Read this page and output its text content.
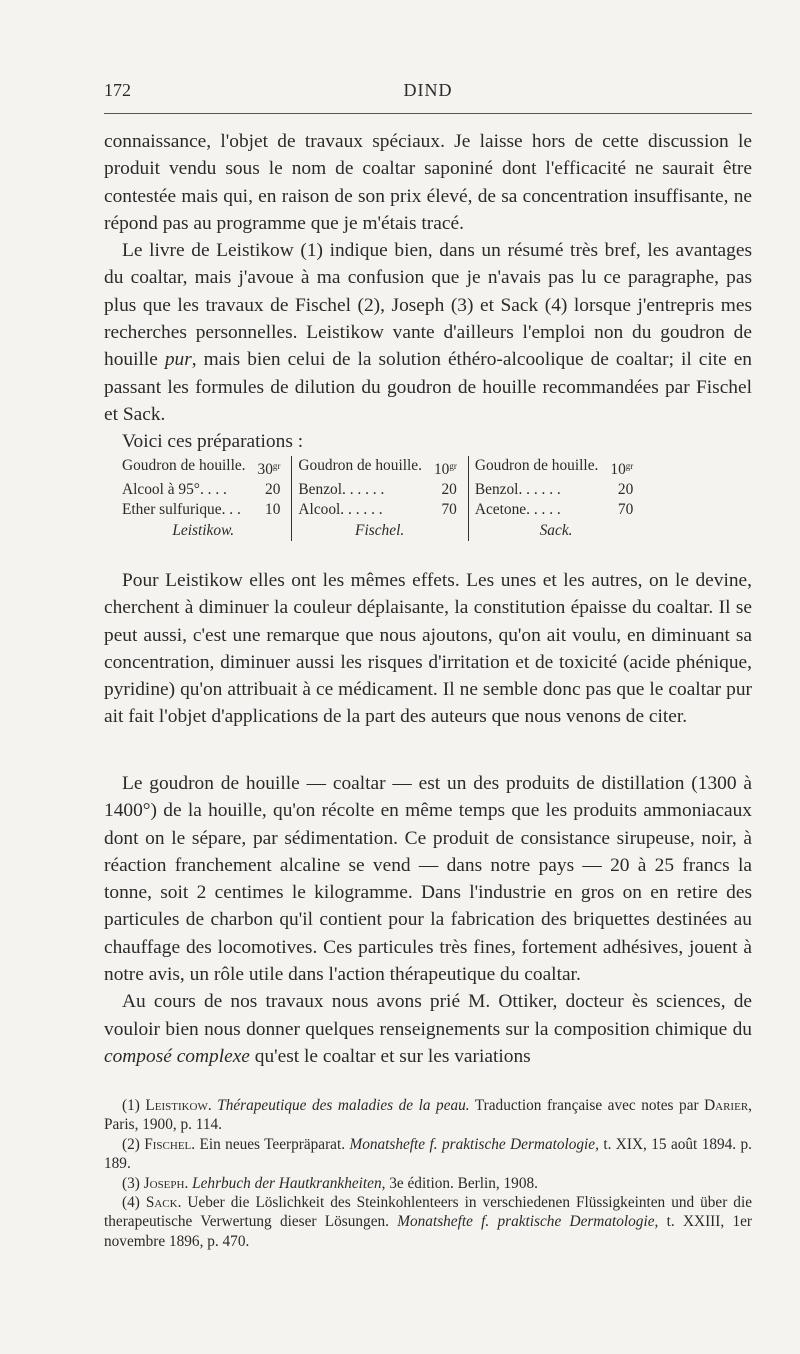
172	DIND

connaissance, l'objet de travaux spéciaux. Je laisse hors de cette discussion le produit vendu sous le nom de coaltar saponiné dont l'efficacité ne saurait être contestée mais qui, en raison de son prix élevé, de sa concentration insuffisante, ne répond pas au programme que je m'étais tracé.

Le livre de Leistikow (1) indique bien, dans un résumé très bref, les avantages du coaltar, mais j'avoue à ma confusion que je n'avais pas lu ce paragraphe, pas plus que les travaux de Fischel (2), Joseph (3) et Sack (4) lorsque j'entrepris mes recherches personnelles. Leistikow vante d'ailleurs l'emploi non du goudron de houille pur, mais bien celui de la solution éthéro-alcoolique de coaltar; il cite en passant les formules de dilution du goudron de houille recommandées par Fischel et Sack.

Voici ces préparations :

Goudron de houille.	$30^{gr}$		Goudron de houille.	$10^{gr}$		Goudron de houille.	$10^{gr}$
Alcool à 95°. . . .	20		Benzol. . . . . .	20		Benzol. . . . . .	20
Ether sulfurique. . .	10		Alcool. . . . . .	70		Acetone. . . . .	70
Leistikow.			Fischel.		Sack.	

Pour Leistikow elles ont les mêmes effets. Les unes et les autres, on le devine, cherchent à diminuer la couleur déplaisante, la constitution épaisse du coaltar. Il se peut aussi, c'est une remarque que nous ajoutons, qu'on ait voulu, en diminuant sa concentration, diminuer aussi les risques d'irritation et de toxicité (acide phénique, pyridine) qu'on attribuait à ce médicament. Il ne semble donc pas que le coaltar pur ait fait l'objet d'applications de la part des auteurs que nous venons de citer.

Le goudron de houille — coaltar — est un des produits de distillation (1300 à 1400°) de la houille, qu'on récolte en même temps que les produits ammoniacaux dont on le sépare, par sédimentation. Ce produit de consistance sirupeuse, noir, à réaction franchement alcaline se vend — dans notre pays — 20 à 25 francs la tonne, soit 2 centimes le kilogramme. Dans l'industrie en gros on en retire des particules de charbon qu'il contient pour la fabrication des briquettes destinées au chauffage des locomotives. Ces particules très fines, fortement adhésives, jouent à notre avis, un rôle utile dans l'action thérapeutique du coaltar.

Au cours de nos travaux nous avons prié M. Ottiker, docteur ès sciences, de vouloir bien nous donner quelques renseignements sur la composition chimique du composé complexe qu'est le coaltar et sur les variations

(1) Leistikow. Thérapeutique des maladies de la peau. Traduction française avec notes par Darier, Paris, 1900, p. 114.

(2) Fischel. Ein neues Teerpräparat. Monatshefte f. praktische Dermatologie, t. XIX, 15 août 1894. p. 189.

(3) Joseph. Lehrbuch der Hautkrankheiten, 3e édition. Berlin, 1908.

(4) Sack. Ueber die Löslichkeit des Steinkohlenteers in verschiedenen Flüssigkeinten und über die therapeutische Verwertung dieser Lösungen. Monatshefte f. praktische Dermatologie, t. XXIII, 1er novembre 1896, p. 470.
